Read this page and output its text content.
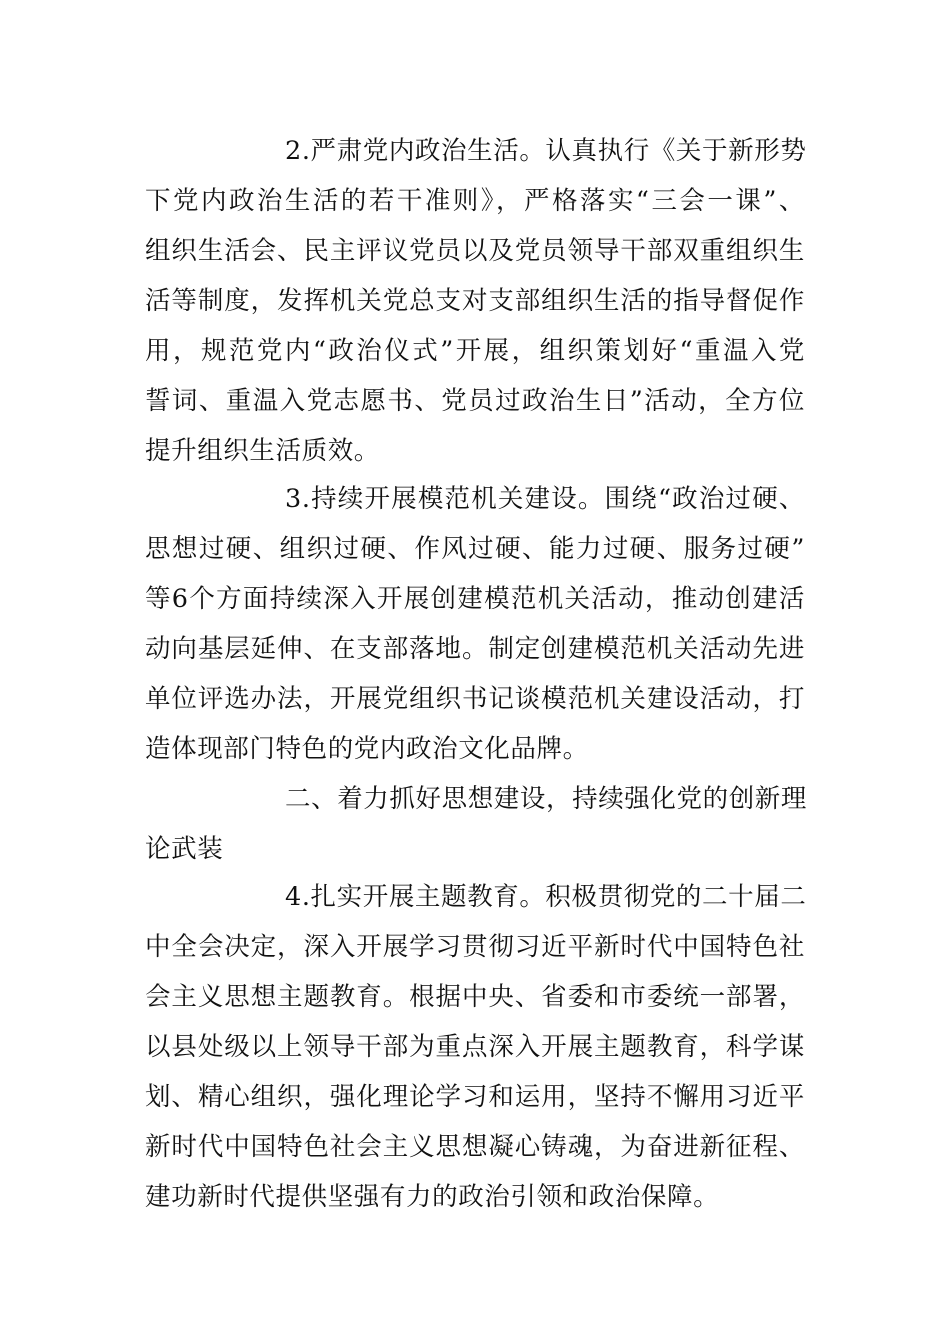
2.严肃党内政治生活。认真执行《关于新形势
下党内政治生活的若干准则》，严格落实“三会一课”、
组织生活会、民主评议党员以及党员领导干部双重组织生
活等制度，发挥机关党总支对支部组织生活的指导督促作
用，规范党内“政治仪式”开展，组织策划好“重温入党
誓词、重温入党志愿书、党员过政治生日”活动，全方位
提升组织生活质效。
3.持续开展模范机关建设。围绕“政治过硬、
思想过硬、组织过硬、作风过硬、能力过硬、服务过硬”
等6个方面持续深入开展创建模范机关活动，推动创建活
动向基层延伸、在支部落地。制定创建模范机关活动先进
单位评选办法，开展党组织书记谈模范机关建设活动，打
造体现部门特色的党内政治文化品牌。
二、着力抓好思想建设，持续强化党的创新理
论武装
4.扎实开展主题教育。积极贯彻党的二十届二
中全会决定，深入开展学习贯彻习近平新时代中国特色社
会主义思想主题教育。根据中央、省委和市委统一部署，
以县处级以上领导干部为重点深入开展主题教育，科学谋
划、精心组织，强化理论学习和运用，坚持不懈用习近平
新时代中国特色社会主义思想凝心铸魂，为奋进新征程、
建功新时代提供坚强有力的政治引领和政治保障。
